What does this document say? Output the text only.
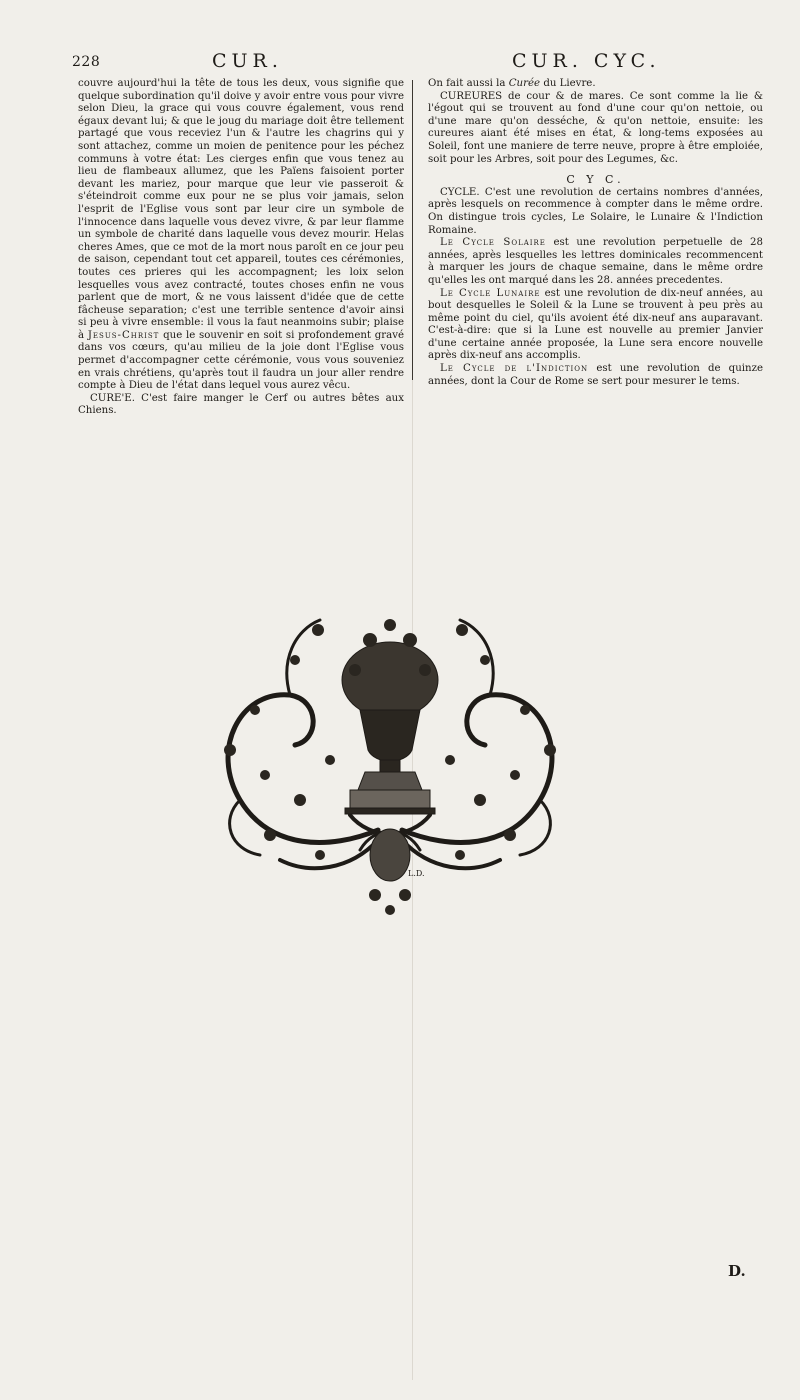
228	CUR.	CUR. CYC.

couvre aujourd'hui la tête de tous les deux, vous signifie que quelque subordination qu'il doive y avoir entre vous pour vivre selon Dieu, la grace qui vous couvre également, vous rend égaux devant lui; & que le joug du mariage doit être tellement partagé que vous receviez l'un & l'autre les chagrins qui y sont attachez, comme un moien de penitence pour les péchez communs à votre état: Les cierges enfin que vous tenez au lieu de flambeaux allumez, que les Païens faisoient porter devant les mariez, pour marque que leur vie passeroit & s'éteindroit comme eux pour ne se plus voir jamais, selon l'esprit de l'Eglise vous sont par leur cire un symbole de l'innocence dans laquelle vous devez vivre, & par leur flamme un symbole de charité dans laquelle vous devez mourir. Helas cheres Ames, que ce mot de la mort nous paroît en ce jour peu de saison, cependant tout cet appareil, toutes ces cérémonies, toutes ces prieres qui les accompagnent; les loix selon lesquelles vous avez contracté, toutes choses enfin ne vous parlent que de mort, & ne vous laissent d'idée que de cette fâcheuse separation; c'est une terrible sentence d'avoir ainsi si peu à vivre ensemble: il vous la faut neanmoins subir; plaise à Jesus-Christ que le souvenir en soit si profondement gravé dans vos cœurs, qu'au milieu de la joie dont l'Eglise vous permet d'accompagner cette cérémonie, vous vous souveniez en vrais chrétiens, qu'après tout il faudra un jour aller rendre compte à Dieu de l'état dans lequel vous aurez vêcu.

CURE'E. C'est faire manger le Cerf ou autres bêtes aux Chiens.

On fait aussi la Curée du Lievre.

CUREURES de cour & de mares. Ce sont comme la lie & l'égout qui se trouvent au fond d'une cour qu'on nettoie, ou d'une mare qu'on desséche, & qu'on nettoie, ensuite: les cureures aiant été mises en état, & long-tems exposées au Soleil, font une maniere de terre neuve, propre à être emploiée, soit pour les Arbres, soit pour des Legumes, &c.

C Y C.

CYCLE. C'est une revolution de certains nombres d'années, après lesquels on recommence à compter dans le même ordre. On distingue trois cycles, Le Solaire, le Lunaire & l'Indiction Romaine.

Le Cycle Solaire est une revolution perpetuelle de 28 années, après lesquelles les lettres dominicales recommencent à marquer les jours de chaque semaine, dans le même ordre qu'elles les ont marqué dans les 28. années precedentes.

Le Cycle Lunaire est une revolution de dix-neuf années, au bout desquelles le Soleil & la Lune se trouvent à peu près au même point du ciel, qu'ils avoient été dix-neuf ans auparavant. C'est-à-dire: que si la Lune est nouvelle au premier Janvier d'une certaine année proposée, la Lune sera encore nouvelle après dix-neuf ans accomplis.

Le Cycle de l'Indiction est une revolution de quinze années, dont la Cour de Rome se sert pour mesurer le tems.

L.D.
D.
